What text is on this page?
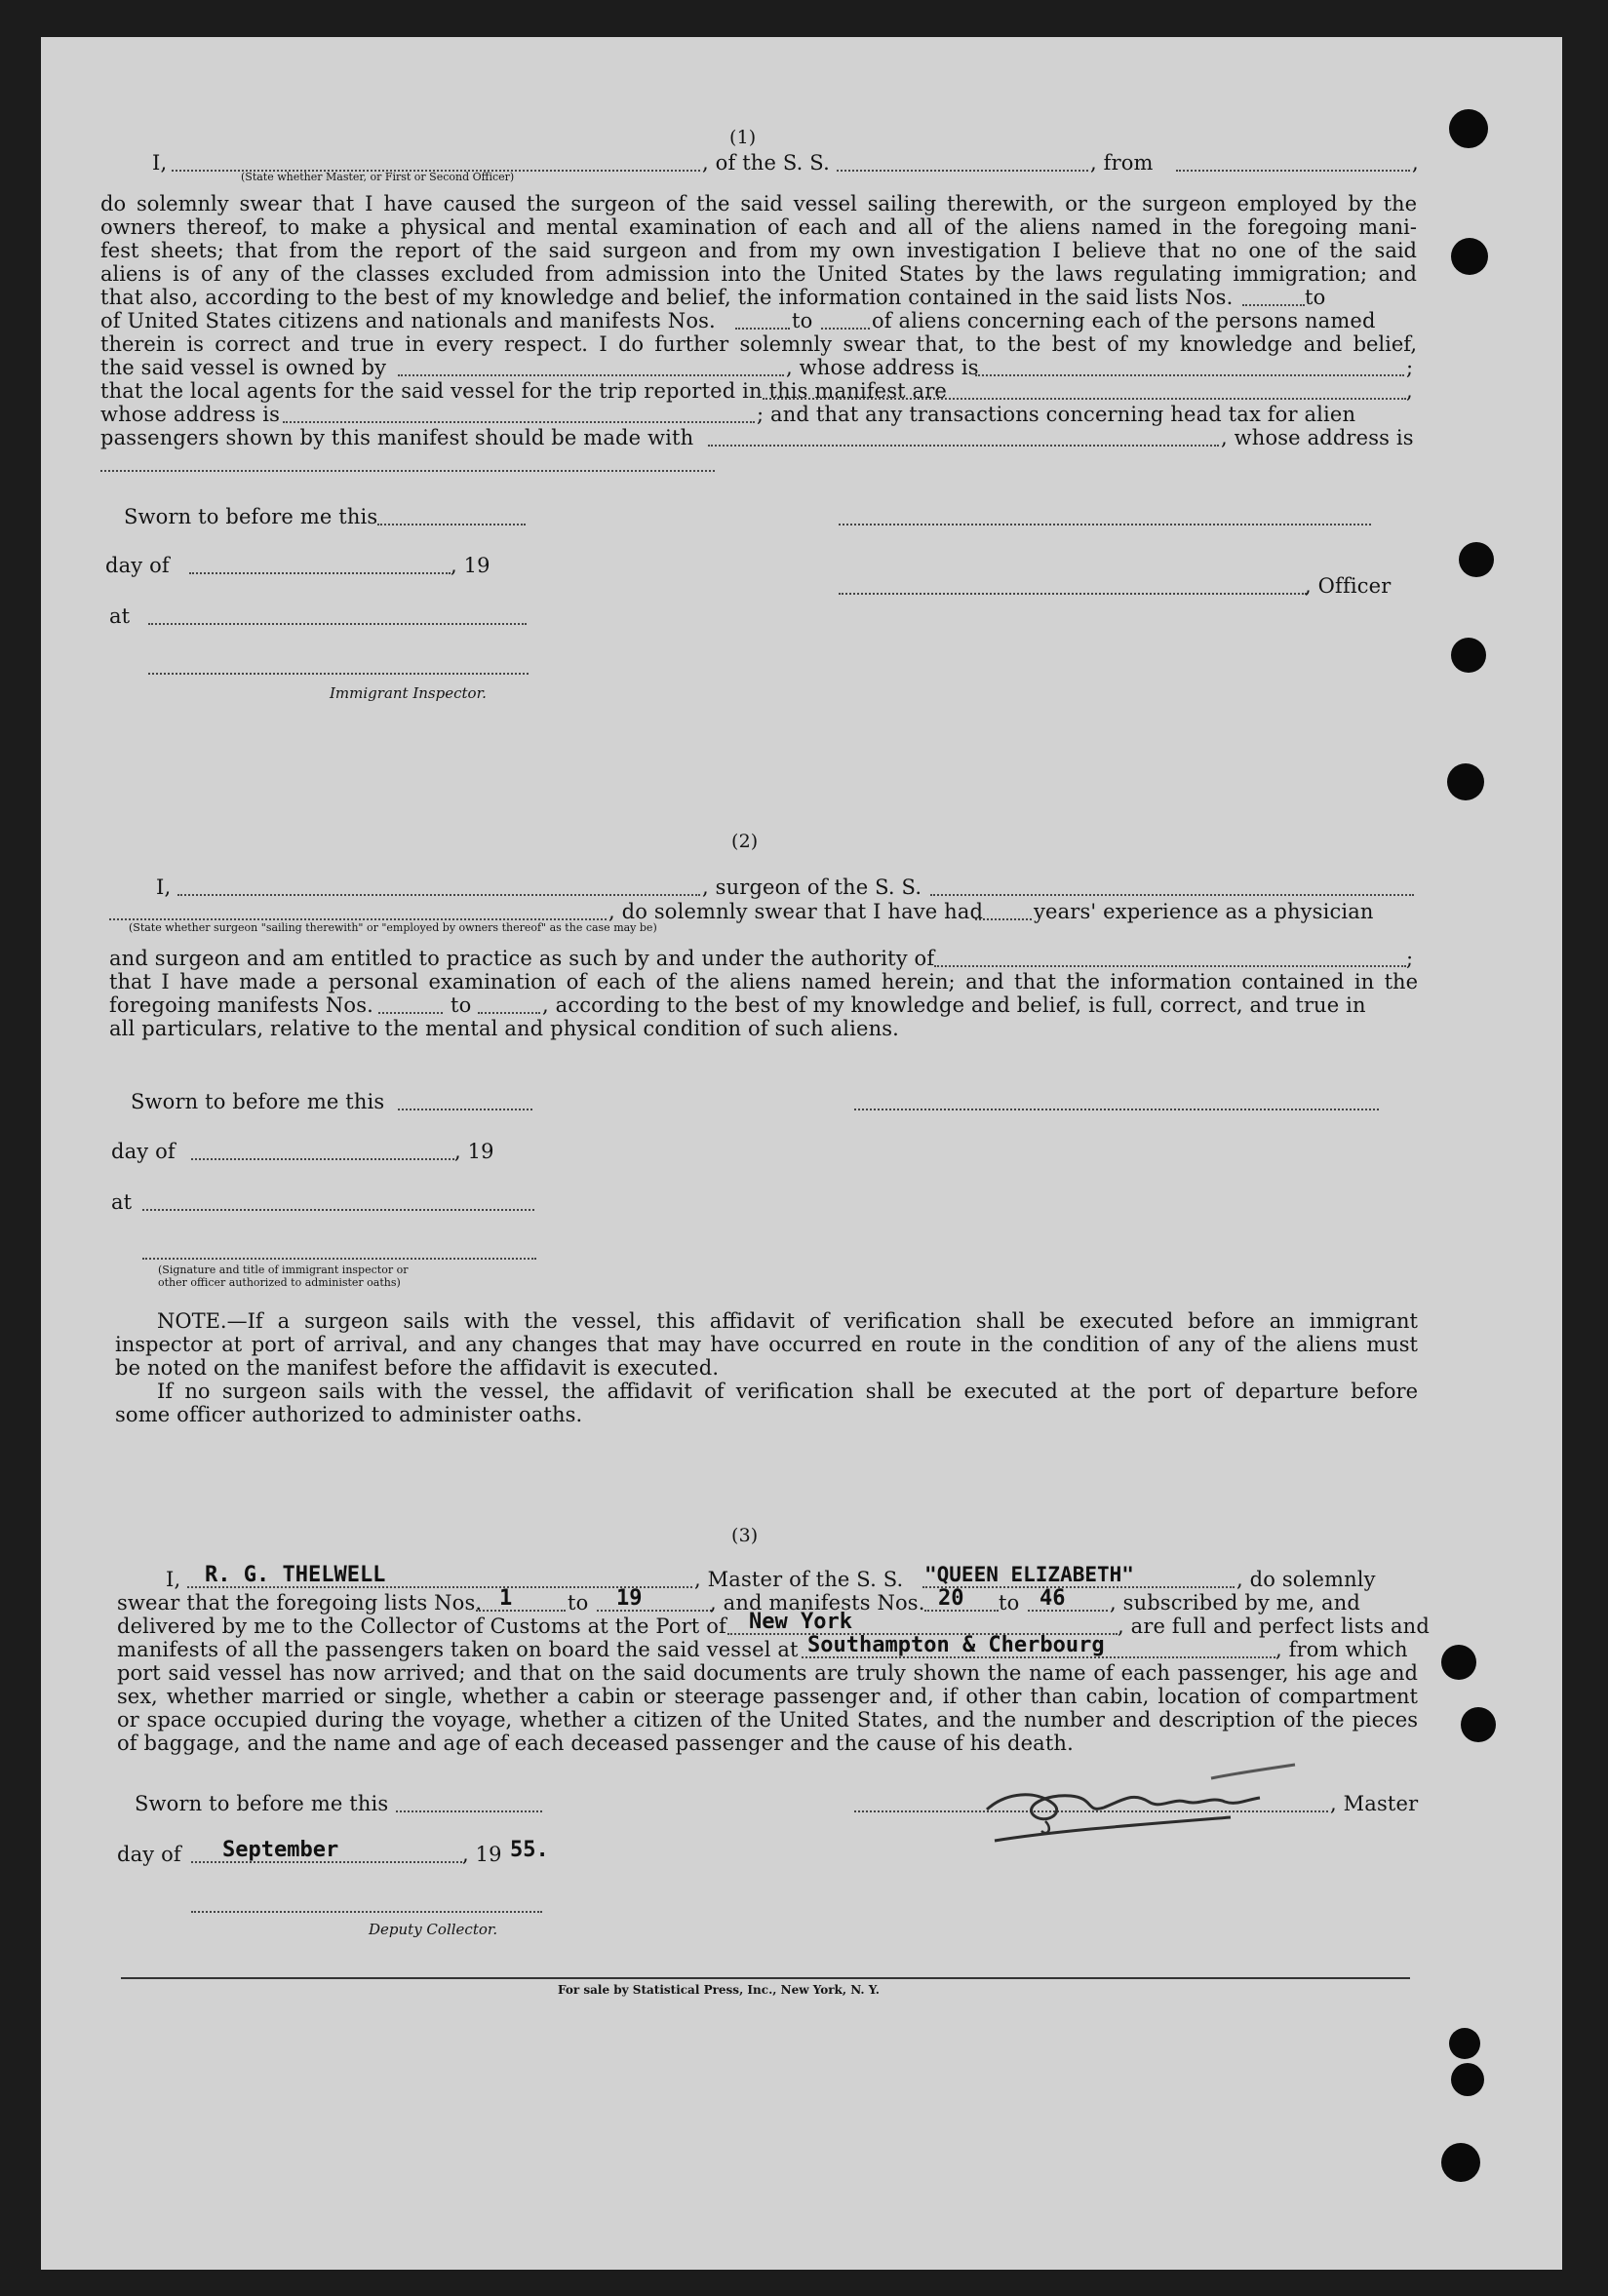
(1)
I,
(State whether Master, or First or Second Officer)
, of the S. S.	, from	,
do solemnly swear that I have caused the surgeon of the said vessel sailing therewith, or the surgeon employed by the
owners thereof, to make a physical and mental examination of each and all of the aliens named in the foregoing mani-
fest sheets; that from the report of the said surgeon and from my own investigation I believe that no one of the said
aliens is of any of the classes excluded from admission into the United States by the laws regulating immigration; and
that also, according to the best of my knowledge and belief, the information contained in the said lists Nos.	to
of United States citizens and nationals and manifests Nos.	to	of aliens concerning each of the persons named
therein is correct and true in every respect. I do further solemnly swear that, to the best of my knowledge and belief,
the said vessel is owned by	, whose address is	;
that the local agents for the said vessel for the trip reported in this manifest are	,
whose address is	; and that any transactions concerning head tax for alien
passengers shown by this manifest should be made with	, whose address is
Sworn to before me this
day of	, 19
, Officer
at
Immigrant Inspector.
(2)
I,	, surgeon of the S. S.
, do solemnly swear that I have had years' experience as a physician
(State whether surgeon "sailing therewith" or "employed by owners thereof" as the case may be)
and surgeon and am entitled to practice as such by and under the authority of	;
that I have made a personal examination of each of the aliens named herein; and that the information contained in the
foregoing manifests Nos.	to	, according to the best of my knowledge and belief, is full, correct, and true in
all particulars, relative to the mental and physical condition of such aliens.
Sworn to before me this
day of	, 19
at
(Signature and title of immigrant inspector or
other officer authorized to administer oaths)
NOTE.—If a surgeon sails with the vessel, this affidavit of verification shall be executed before an immigrant
inspector at port of arrival, and any changes that may have occurred en route in the condition of any of the aliens must
be noted on the manifest before the affidavit is executed.
If no surgeon sails with the vessel, the affidavit of verification shall be executed at the port of departure before
some officer authorized to administer oaths.
(3)
I, R. G. THELWELL	, Master of the S. S. "QUEEN ELIZABETH"	, do solemnly
swear that the foregoing lists Nos. 1	to 19	, and manifests Nos. 20 to 46 , subscribed by me, and
delivered by me to the Collector of Customs at the Port of New York	, are full and perfect lists and
manifests of all the passengers taken on board the said vessel at Southampton & Cherbourg	, from which
port said vessel has now arrived; and that on the said documents are truly shown the name of each passenger, his age and
sex, whether married or single, whether a cabin or steerage passenger and, if other than cabin, location of compartment
or space occupied during the voyage, whether a citizen of the United States, and the number and description of the pieces
of baggage, and the name and age of each deceased passenger and the cause of his death.
Sworn to before me this	, Master
day of September	, 19 55.
Deputy Collector.
For sale by Statistical Press, Inc., New York, N. Y.
